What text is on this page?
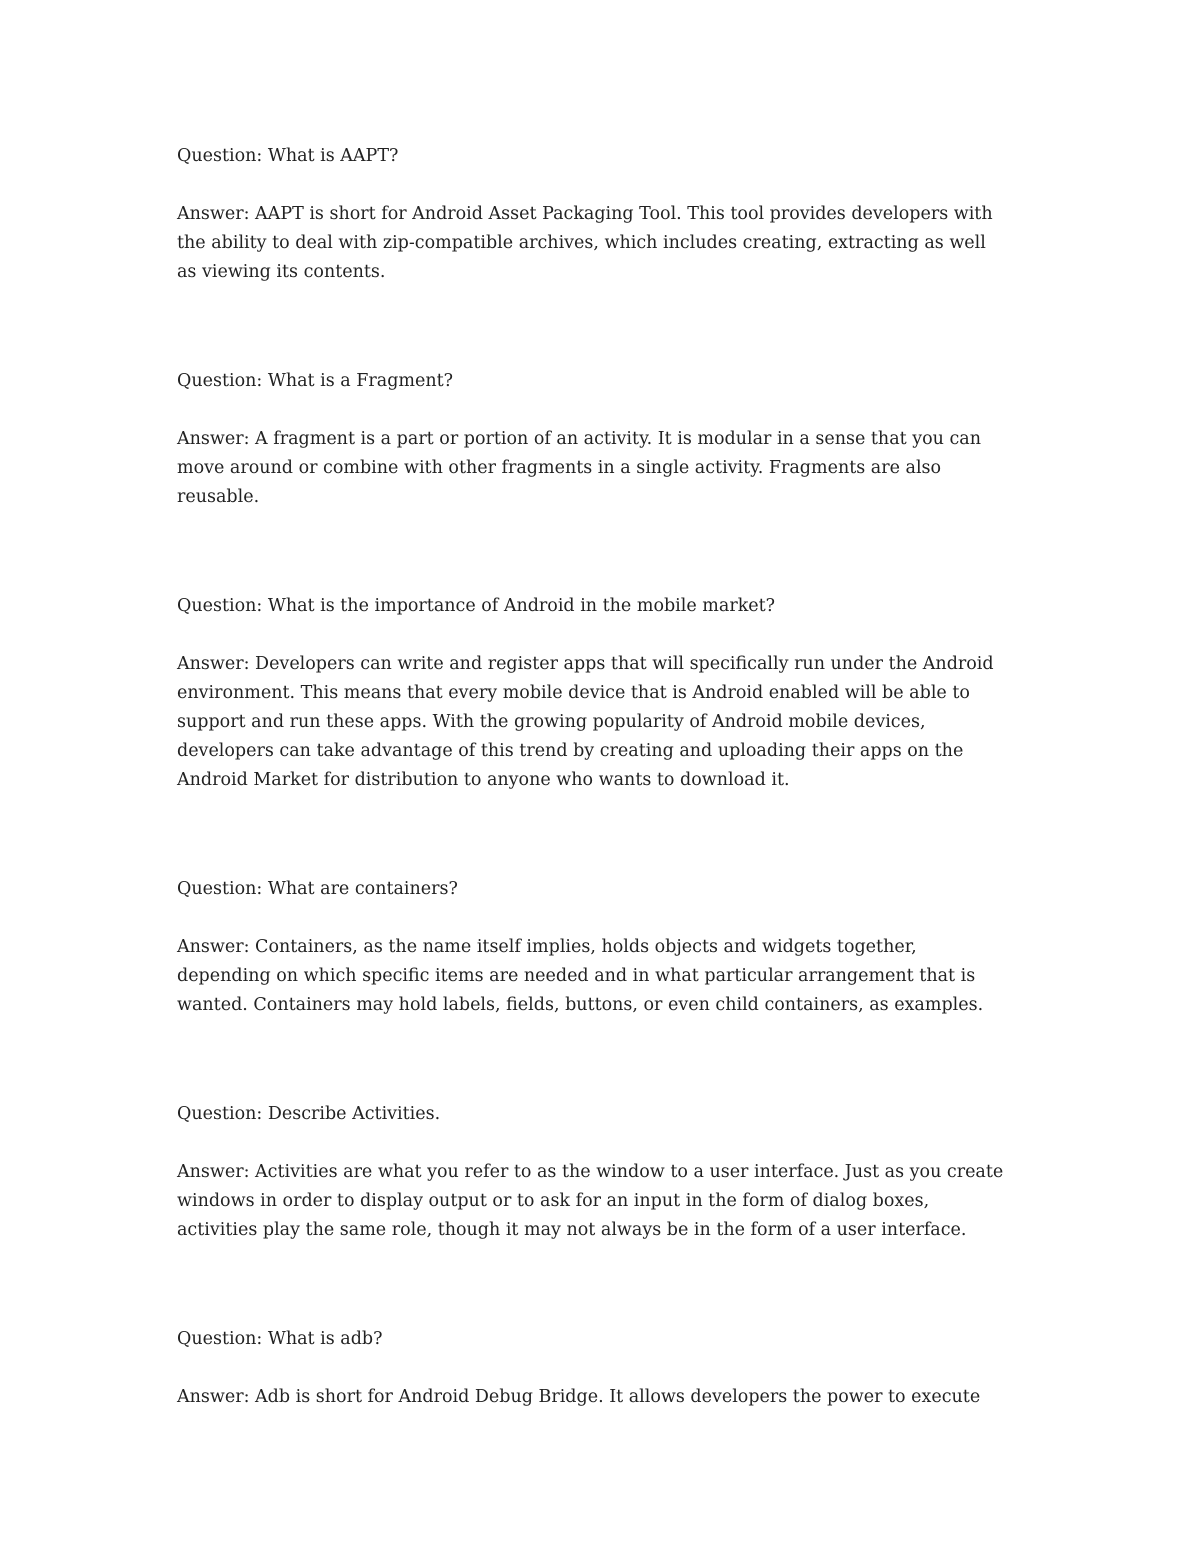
Question: What is AAPT?

Answer: AAPT is short for Android Asset Packaging Tool. This tool provides developers with
the ability to deal with zip-compatible archives, which includes creating, extracting as well
as viewing its contents.

Question: What is a Fragment?

Answer: A fragment is a part or portion of an activity. It is modular in a sense that you can
move around or combine with other fragments in a single activity. Fragments are also
reusable.

Question: What is the importance of Android in the mobile market?

Answer: Developers can write and register apps that will specifically run under the Android
environment. This means that every mobile device that is Android enabled will be able to
support and run these apps. With the growing popularity of Android mobile devices,
developers can take advantage of this trend by creating and uploading their apps on the
Android Market for distribution to anyone who wants to download it.

Question: What are containers?

Answer: Containers, as the name itself implies, holds objects and widgets together,
depending on which specific items are needed and in what particular arrangement that is
wanted. Containers may hold labels, fields, buttons, or even child containers, as examples.

Question: Describe Activities.

Answer: Activities are what you refer to as the window to a user interface. Just as you create
windows in order to display output or to ask for an input in the form of dialog boxes,
activities play the same role, though it may not always be in the form of a user interface.

Question: What is adb?

Answer: Adb is short for Android Debug Bridge. It allows developers the power to execute
